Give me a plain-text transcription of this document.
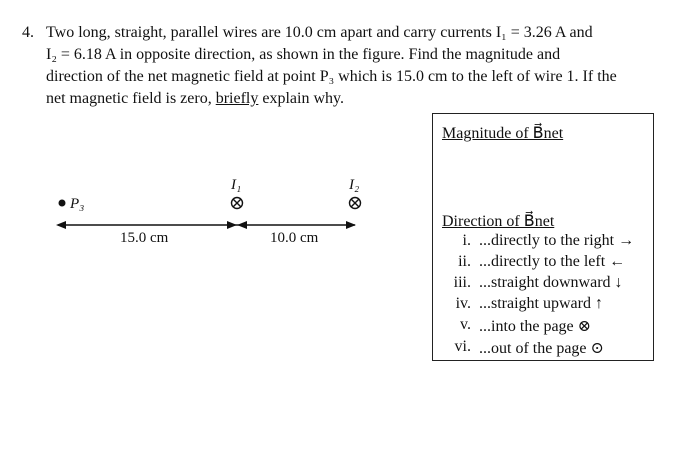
4. Two long, straight, parallel wires are 10.0 cm apart and carry currents I₁ = 3.26 A and
I₂ = 6.18 A in opposite direction, as shown in the figure. Find the magnitude and
direction of the net magnetic field at point P₃ which is 15.0 cm to the left of wire 1. If the
net magnetic field is zero, briefly explain why.
P₃
I₁	I₂
15.0 cm	10.0 cm
Magnitude of B⃗net
Direction of B⃗net
i. ...directly to the right →
ii. ...directly to the left ←
iii. ...straight downward ↓
iv. ...straight upward ↑
v. ...into the page ⊗
vi. ...out of the page ⊙
